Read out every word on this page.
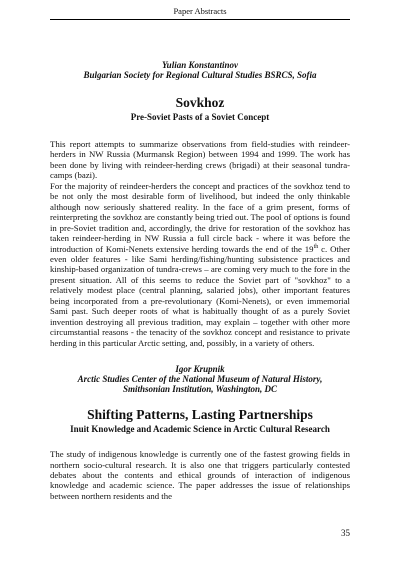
Paper Abstracts
Yulian Konstantinov
Bulgarian Society for Regional Cultural Studies BSRCS, Sofia
Sovkhoz
Pre-Soviet Pasts of a Soviet Concept

This report attempts to summarize observations from field-studies with reindeer-herders in NW Russia (Murmansk Region) between 1994 and 1999. The work has been done by living with reindeer-herding crews (brigadi) at their seasonal tundra-camps (bazi).

For the majority of reindeer-herders the concept and practices of the sovkhoz tend to be not only the most desirable form of livelihood, but indeed the only thinkable although now seriously shattered reality. In the face of a grim present, forms of reinterpreting the sovkhoz are constantly being tried out. The pool of options is found in pre-Soviet tradition and, accordingly, the drive for restoration of the sovkhoz has taken reindeer-herding in NW Russia a full circle back - where it was before the introduction of Komi-Nenets extensive herding towards the end of the 19th c. Other even older features - like Sami herding/fishing/hunting subsistence practices and kinship-based organization of tundra-crews – are coming very much to the fore in the present situation. All of this seems to reduce the Soviet part of "sovkhoz" to a relatively modest place (central planning, salaried jobs), other important features being incorporated from a pre-revolutionary (Komi-Nenets), or even immemorial Sami past. Such deeper roots of what is habitually thought of as a purely Soviet invention destroying all previous tradition, may explain – together with other more circumstantial reasons - the tenacity of the sovkhoz concept and resistance to private herding in this particular Arctic setting, and, possibly, in a variety of others.

Igor Krupnik
Arctic Studies Center of the National Museum of Natural History,
Smithsonian Institution, Washington, DC
Shifting Patterns, Lasting Partnerships
Inuit Knowledge and Academic Science in Arctic Cultural Research

The study of indigenous knowledge is currently one of the fastest growing fields in northern socio-cultural research. It is also one that triggers particularly contested debates about the contents and ethical grounds of interaction of indigenous knowledge and academic science. The paper addresses the issue of relationships between northern residents and the

35
